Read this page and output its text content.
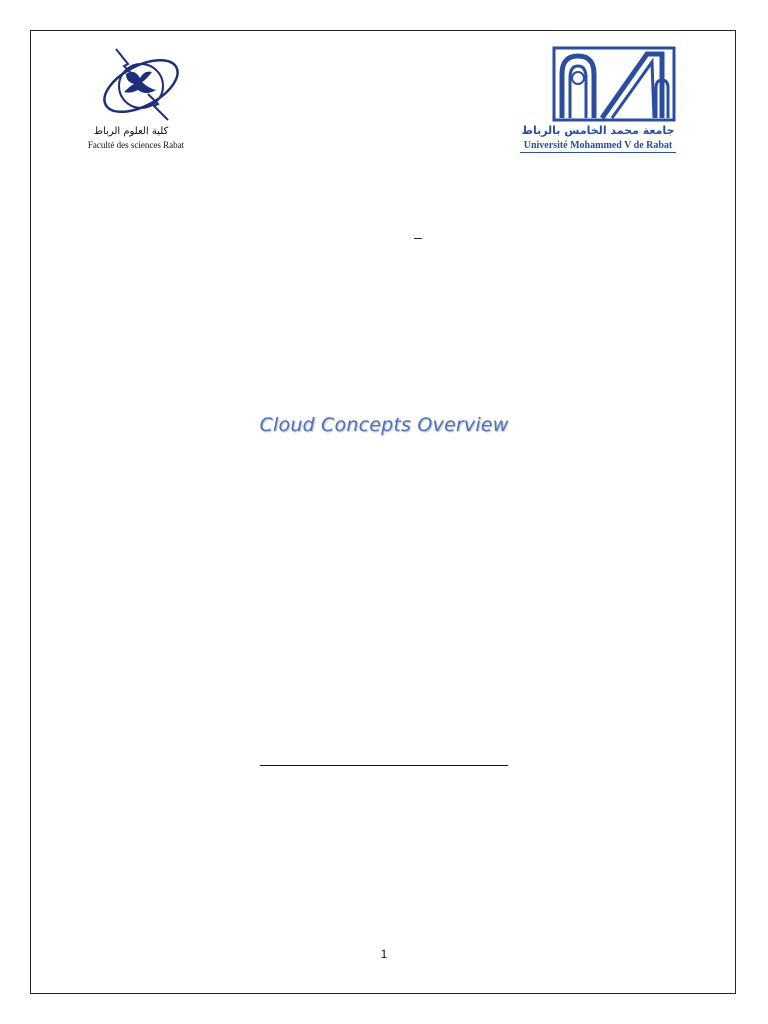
كلية العلوم الرباط
Faculté des sciences Rabat
جامعة محمد الخامس بالرباط
Université Mohammed V de Rabat
–
Cloud Concepts Overview
1
